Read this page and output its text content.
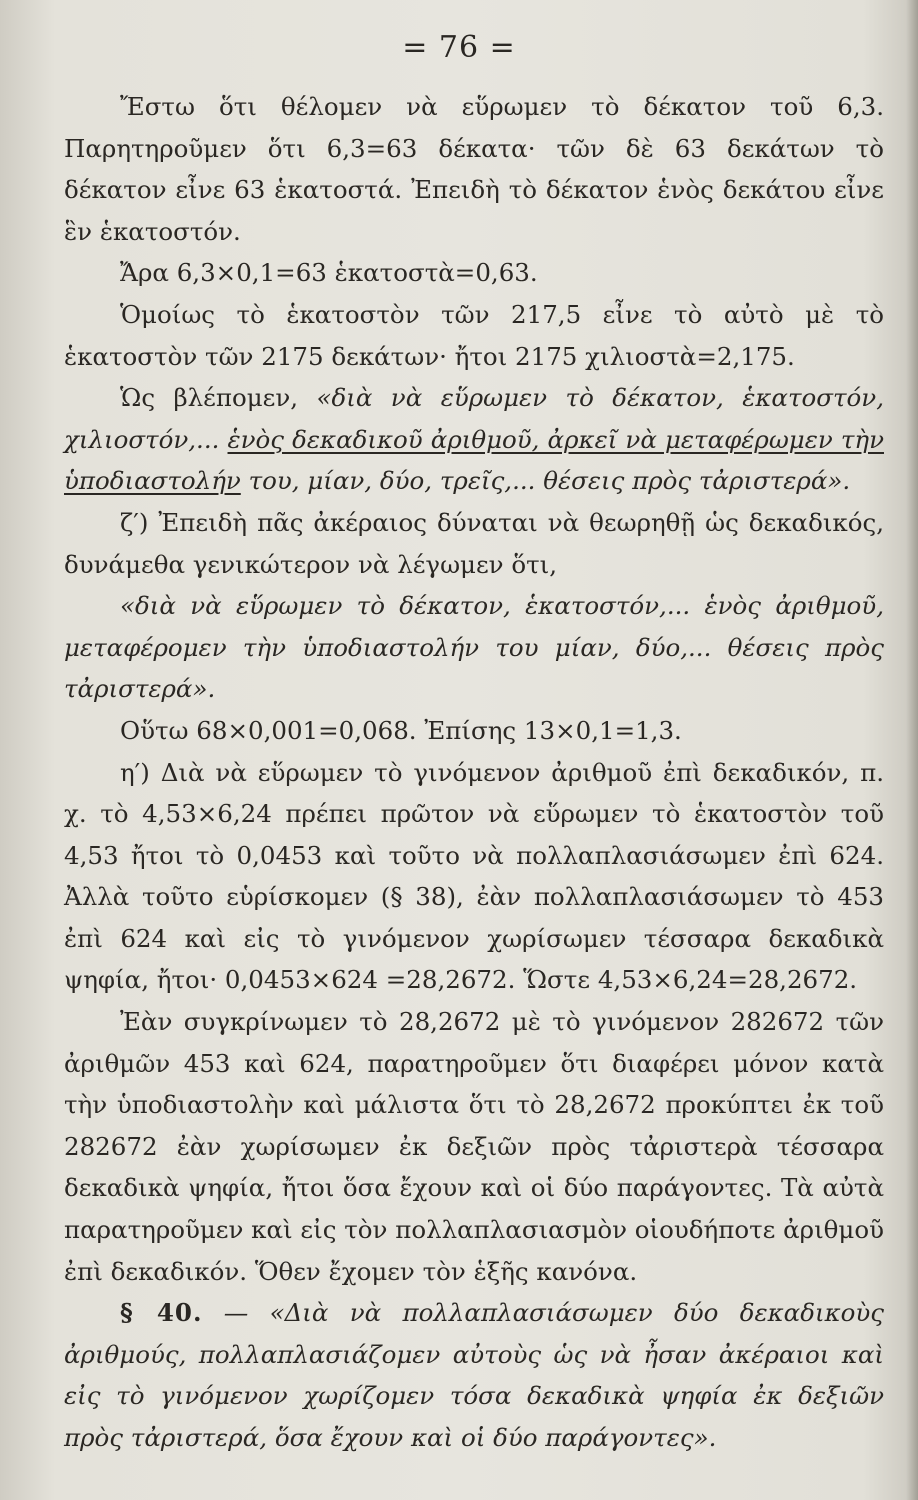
= 76 =

Ἔστω ὅτι θέλομεν νὰ εὕρωμεν τὸ δέκατον τοῦ 6,3. Παρητηροῦμεν ὅτι 6,3=63 δέκατα· τῶν δὲ 63 δεκάτων τὸ δέκατον εἶνε 63 ἑκατοστά. Ἐπειδὴ τὸ δέκατον ἑνὸς δεκάτου εἶνε ἓν ἑκατοστόν.

Ἄρα 6,3×0,1=63 ἑκατοστὰ=0,63.

Ὁμοίως τὸ ἑκατοστὸν τῶν 217,5 εἶνε τὸ αὐτὸ μὲ τὸ ἑκατοστὸν τῶν 2175 δεκάτων· ἤτοι 2175 χιλιοστὰ=2,175.

Ὡς βλέπομεν, «διὰ νὰ εὕρωμεν τὸ δέκατον, ἑκατοστόν, χιλιοστόν,... ἑνὸς δεκαδικοῦ ἀριθμοῦ, ἀρκεῖ νὰ μεταφέρωμεν τὴν ὑποδιαστολήν του, μίαν, δύο, τρεῖς,... θέσεις πρὸς τἀριστερά».

ζ′) Ἐπειδὴ πᾶς ἀκέραιος δύναται νὰ θεωρηθῇ ὡς δεκαδικός, δυνάμεθα γενικώτερον νὰ λέγωμεν ὅτι,

«διὰ νὰ εὕρωμεν τὸ δέκατον, ἑκατοστόν,... ἑνὸς ἀριθμοῦ, μεταφέρομεν τὴν ὑποδιαστολήν του μίαν, δύο,... θέσεις πρὸς τἀριστερά».

Οὕτω 68×0,001=0,068. Ἐπίσης 13×0,1=1,3.

η′) Διὰ νὰ εὕρωμεν τὸ γινόμενον ἀριθμοῦ ἐπὶ δεκαδικόν, π. χ. τὸ 4,53×6,24 πρέπει πρῶτον νὰ εὕρωμεν τὸ ἑκατοστὸν τοῦ 4,53 ἤτοι τὸ 0,0453 καὶ τοῦτο νὰ πολλαπλασιάσωμεν ἐπὶ 624. Ἀλλὰ τοῦτο εὑρίσκομεν (§ 38), ἐὰν πολλαπλασιάσωμεν τὸ 453 ἐπὶ 624 καὶ εἰς τὸ γινόμενον χωρίσωμεν τέσσαρα δεκαδικὰ ψηφία, ἤτοι· 0,0453×624 =28,2672. Ὥστε 4,53×6,24=28,2672.

Ἐὰν συγκρίνωμεν τὸ 28,2672 μὲ τὸ γινόμενον 282672 τῶν ἀριθμῶν 453 καὶ 624, παρατηροῦμεν ὅτι διαφέρει μόνον κατὰ τὴν ὑποδιαστολὴν καὶ μάλιστα ὅτι τὸ 28,2672 προκύπτει ἐκ τοῦ 282672 ἐὰν χωρίσωμεν ἐκ δεξιῶν πρὸς τἀριστερὰ τέσσαρα δεκαδικὰ ψηφία, ἤτοι ὅσα ἔχουν καὶ οἱ δύο παράγοντες. Τὰ αὐτὰ παρατηροῦμεν καὶ εἰς τὸν πολλαπλασιασμὸν οἱουδήποτε ἀριθμοῦ ἐπὶ δεκαδικόν. Ὅθεν ἔχομεν τὸν ἑξῆς κανόνα.

§ 40. — «Διὰ νὰ πολλαπλασιάσωμεν δύο δεκαδικοὺς ἀριθμούς, πολλαπλασιάζομεν αὐτοὺς ὡς νὰ ἦσαν ἀκέραιοι καὶ εἰς τὸ γινόμενον χωρίζομεν τόσα δεκαδικὰ ψηφία ἐκ δεξιῶν πρὸς τἀριστερά, ὅσα ἔχουν καὶ οἱ δύο παράγοντες».
